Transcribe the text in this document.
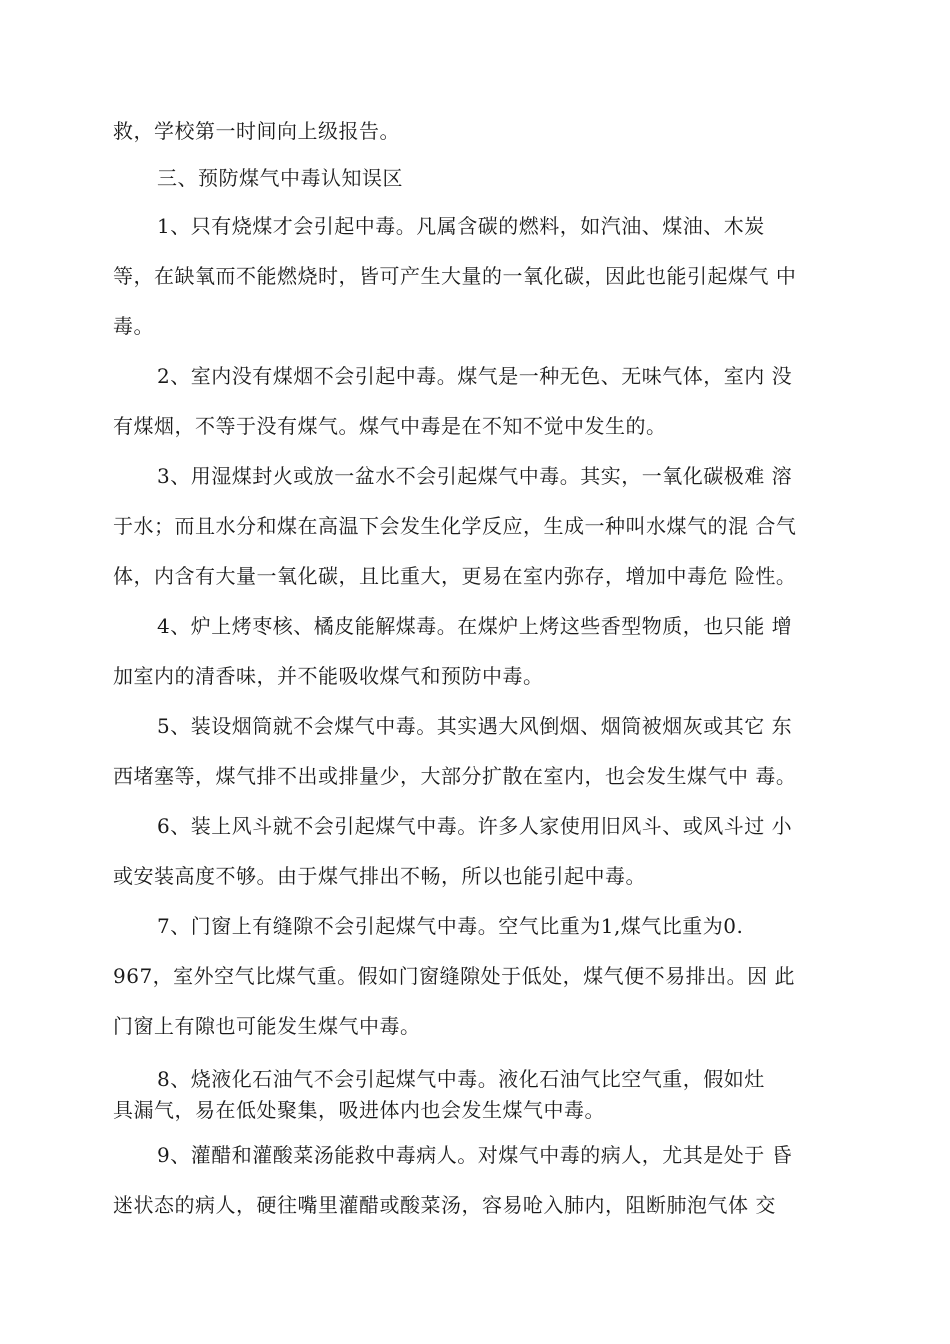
救，学校第一时间向上级报告。
三、预防煤气中毒认知误区
1、只有烧煤才会引起中毒。凡属含碳的燃料，如汽油、煤油、木炭
等，在缺氧而不能燃烧时，皆可产生大量的一氧化碳，因此也能引起煤气 中
毒。
2、室内没有煤烟不会引起中毒。煤气是一种无色、无味气体，室内 没
有煤烟，不等于没有煤气。煤气中毒是在不知不觉中发生的。
3、用湿煤封火或放一盆水不会引起煤气中毒。其实，一氧化碳极难 溶
于水；而且水分和煤在高温下会发生化学反应，生成一种叫水煤气的混 合气
体，内含有大量一氧化碳，且比重大，更易在室内弥存，增加中毒危 险性。
4、炉上烤枣核、橘皮能解煤毒。在煤炉上烤这些香型物质，也只能 增
加室内的清香味，并不能吸收煤气和预防中毒。
5、装设烟筒就不会煤气中毒。其实遇大风倒烟、烟筒被烟灰或其它 东
西堵塞等，煤气排不出或排量少，大部分扩散在室内，也会发生煤气中 毒。
6、装上风斗就不会引起煤气中毒。许多人家使用旧风斗、或风斗过 小
或安装高度不够。由于煤气排出不畅，所以也能引起中毒。
7、门窗上有缝隙不会引起煤气中毒。空气比重为1,煤气比重为0.
967，室外空气比煤气重。假如门窗缝隙处于低处，煤气便不易排出。因 此
门窗上有隙也可能发生煤气中毒。
8、烧液化石油气不会引起煤气中毒。液化石油气比空气重，假如灶
具漏气，易在低处聚集，吸进体内也会发生煤气中毒。
9、灌醋和灌酸菜汤能救中毒病人。对煤气中毒的病人，尤其是处于 昏
迷状态的病人，硬往嘴里灌醋或酸菜汤，容易呛入肺内，阻断肺泡气体 交
